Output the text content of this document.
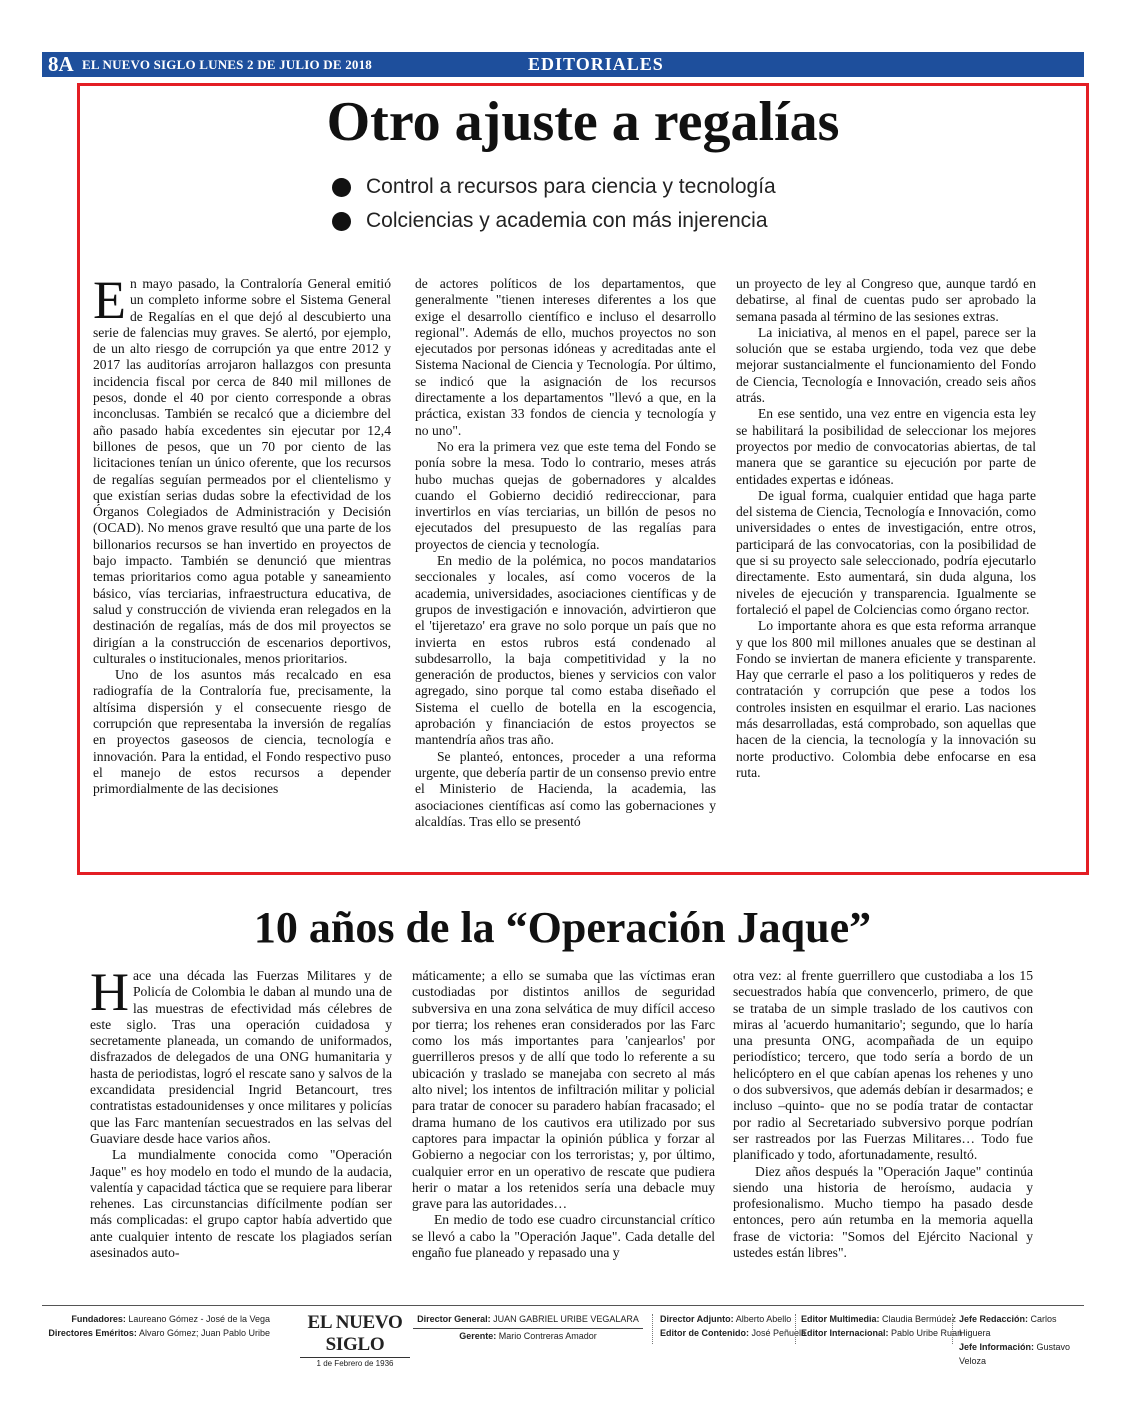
8A EL NUEVO SIGLO LUNES 2 DE JULIO DE 2018	EDITORIALES
Otro ajuste a regalías
Control a recursos para ciencia y tecnología
Colciencias y academia con más injerencia

En mayo pasado, la Contraloría General emitió un completo informe sobre el Sistema General de Regalías en el que dejó al descubierto una serie de falencias muy graves. Se alertó, por ejemplo, de un alto riesgo de corrupción ya que entre 2012 y 2017 las auditorías arrojaron hallazgos con presunta incidencia fiscal por cerca de 840 mil millones de pesos, donde el 40 por ciento corresponde a obras inconclusas. También se recalcó que a diciembre del año pasado había excedentes sin ejecutar por 12,4 billones de pesos, que un 70 por ciento de las licitaciones tenían un único oferente, que los recursos de regalías seguían permeados por el clientelismo y que existían serias dudas sobre la efectividad de los Órganos Colegiados de Administración y Decisión (OCAD). No menos grave resultó que una parte de los billonarios recursos se han invertido en proyectos de bajo impacto. También se denunció que mientras temas prioritarios como agua potable y saneamiento básico, vías terciarias, infraestructura educativa, de salud y construcción de vivienda eran relegados en la destinación de regalías, más de dos mil proyectos se dirigían a la construcción de escenarios deportivos, culturales o institucionales, menos prioritarios.

Uno de los asuntos más recalcado en esa radiografía de la Contraloría fue, precisamente, la altísima dispersión y el consecuente riesgo de corrupción que representaba la inversión de regalías en proyectos gaseosos de ciencia, tecnología e innovación. Para la entidad, el Fondo respectivo puso el manejo de estos recursos a depender primordialmente de las decisiones

de actores políticos de los departamentos, que generalmente "tienen intereses diferentes a los que exige el desarrollo científico e incluso el desarrollo regional". Además de ello, muchos proyectos no son ejecutados por personas idóneas y acreditadas ante el Sistema Nacional de Ciencia y Tecnología. Por último, se indicó que la asignación de los recursos directamente a los departamentos "llevó a que, en la práctica, existan 33 fondos de ciencia y tecnología y no uno".

No era la primera vez que este tema del Fondo se ponía sobre la mesa. Todo lo contrario, meses atrás hubo muchas quejas de gobernadores y alcaldes cuando el Gobierno decidió redireccionar, para invertirlos en vías terciarias, un billón de pesos no ejecutados del presupuesto de las regalías para proyectos de ciencia y tecnología.

En medio de la polémica, no pocos mandatarios seccionales y locales, así como voceros de la academia, universidades, asociaciones científicas y de grupos de investigación e innovación, advirtieron que el 'tijeretazo' era grave no solo porque un país que no invierta en estos rubros está condenado al subdesarrollo, la baja competitividad y la no generación de productos, bienes y servicios con valor agregado, sino porque tal como estaba diseñado el Sistema el cuello de botella en la escogencia, aprobación y financiación de estos proyectos se mantendría años tras año.

Se planteó, entonces, proceder a una reforma urgente, que debería partir de un consenso previo entre el Ministerio de Hacienda, la academia, las asociaciones científicas así como las gobernaciones y alcaldías. Tras ello se presentó

un proyecto de ley al Congreso que, aunque tardó en debatirse, al final de cuentas pudo ser aprobado la semana pasada al término de las sesiones extras.

La iniciativa, al menos en el papel, parece ser la solución que se estaba urgiendo, toda vez que debe mejorar sustancialmente el funcionamiento del Fondo de Ciencia, Tecnología e Innovación, creado seis años atrás.

En ese sentido, una vez entre en vigencia esta ley se habilitará la posibilidad de seleccionar los mejores proyectos por medio de convocatorias abiertas, de tal manera que se garantice su ejecución por parte de entidades expertas e idóneas.

De igual forma, cualquier entidad que haga parte del sistema de Ciencia, Tecnología e Innovación, como universidades o entes de investigación, entre otros, participará de las convocatorias, con la posibilidad de que si su proyecto sale seleccionado, podría ejecutarlo directamente. Esto aumentará, sin duda alguna, los niveles de ejecución y transparencia. Igualmente se fortaleció el papel de Colciencias como órgano rector.

Lo importante ahora es que esta reforma arranque y que los 800 mil millones anuales que se destinan al Fondo se inviertan de manera eficiente y transparente. Hay que cerrarle el paso a los politiqueros y redes de contratación y corrupción que pese a todos los controles insisten en esquilmar el erario. Las naciones más desarrolladas, está comprobado, son aquellas que hacen de la ciencia, la tecnología y la innovación su norte productivo. Colombia debe enfocarse en esa ruta.

10 años de la “Operación Jaque”

Hace una década las Fuerzas Militares y de Policía de Colombia le daban al mundo una de las muestras de efectividad más célebres de este siglo. Tras una operación cuidadosa y secretamente planeada, un comando de uniformados, disfrazados de delegados de una ONG humanitaria y hasta de periodistas, logró el rescate sano y salvos de la excandidata presidencial Ingrid Betancourt, tres contratistas estadounidenses y once militares y policías que las Farc mantenían secuestrados en las selvas del Guaviare desde hace varios años.

La mundialmente conocida como "Operación Jaque" es hoy modelo en todo el mundo de la audacia, valentía y capacidad táctica que se requiere para liberar rehenes. Las circunstancias difícilmente podían ser más complicadas: el grupo captor había advertido que ante cualquier intento de rescate los plagiados serían asesinados auto-

máticamente; a ello se sumaba que las víctimas eran custodiadas por distintos anillos de seguridad subversiva en una zona selvática de muy difícil acceso por tierra; los rehenes eran considerados por las Farc como los más importantes para 'canjearlos' por guerrilleros presos y de allí que todo lo referente a su ubicación y traslado se manejaba con secreto al más alto nivel; los intentos de infiltración militar y policial para tratar de conocer su paradero habían fracasado; el drama humano de los cautivos era utilizado por sus captores para impactar la opinión pública y forzar al Gobierno a negociar con los terroristas; y, por último, cualquier error en un operativo de rescate que pudiera herir o matar a los retenidos sería una debacle muy grave para las autoridades…

En medio de todo ese cuadro circunstancial crítico se llevó a cabo la "Operación Jaque". Cada detalle del engaño fue planeado y repasado una y

otra vez: al frente guerrillero que custodiaba a los 15 secuestrados había que convencerlo, primero, de que se trataba de un simple traslado de los cautivos con miras al 'acuerdo humanitario'; segundo, que lo haría una presunta ONG, acompañada de un equipo periodístico; tercero, que todo sería a bordo de un helicóptero en el que cabían apenas los rehenes y uno o dos subversivos, que además debían ir desarmados; e incluso –quinto- que no se podía tratar de contactar por radio al Secretariado subversivo porque podrían ser rastreados por las Fuerzas Militares… Todo fue planificado y todo, afortunadamente, resultó.

Diez años después la "Operación Jaque" continúa siendo una historia de heroísmo, audacia y profesionalismo. Mucho tiempo ha pasado desde entonces, pero aún retumba en la memoria aquella frase de victoria: "Somos del Ejército Nacional y ustedes están libres".

Fundadores: Laureano Gómez - José de la Vega
Directores Eméritos: Alvaro Gómez; Juan Pablo Uribe	EL NUEVO SIGLO
1 de Febrero de 1936
Director General: JUAN GABRIEL URIBE VEGALARA
Gerente: Mario Contreras Amador
Director Adjunto: Alberto Abello
Editor de Contenido: José Peñuela
Editor Multimedia: Claudia Bermúdez
Editor Internacional: Pablo Uribe Ruan
Jefe Redacción: Carlos Higuera
Jefe Información: Gustavo Veloza
